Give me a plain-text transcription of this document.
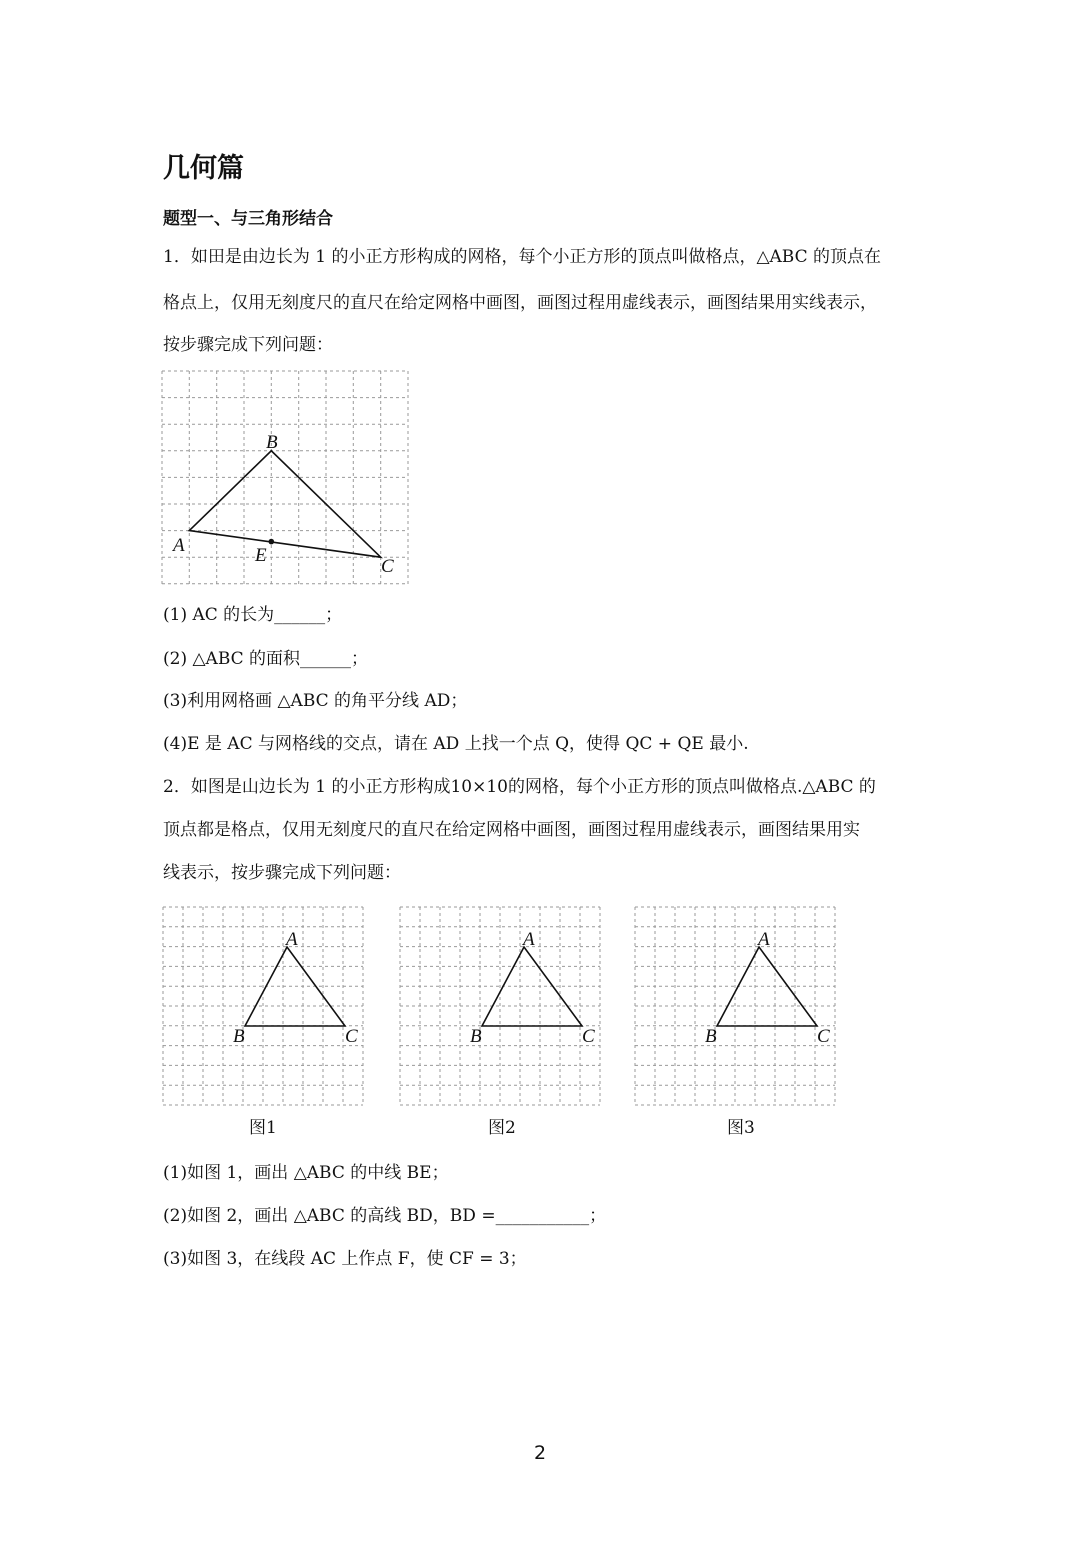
几何篇
题型一、与三角形结合
1．如田是由边长为 1 的小正方形构成的网格，每个小正方形的顶点叫做格点，△ABC 的顶点在
格点上，仅用无刻度尺的直尺在给定网格中画图，画图过程用虚线表示，画图结果用实线表示，
按步骤完成下列问题：
B
A	E
C
(1) AC 的长为______；
(2) △ABC 的面积______；
(3)利用网格画 △ABC 的角平分线 AD；
(4)E 是 AC 与网格线的交点，请在 AD 上找一个点 Q，使得 QC + QE 最小.
2．如图是山边长为 1 的小正方形构成10×10的网格，每个小正方形的顶点叫做格点.△ABC 的
顶点都是格点，仅用无刻度尺的直尺在给定网格中画图，画图过程用虚线表示，画图结果用实
线表示，按步骤完成下列问题：
A
B	C
A
B	C
A
B	C
图1	图2	图3
(1)如图 1，画出 △ABC 的中线 BE；
(2)如图 2，画出 △ABC 的高线 BD，BD =___________；
(3)如图 3，在线段 AC 上作点 F，使 CF = 3；
2
